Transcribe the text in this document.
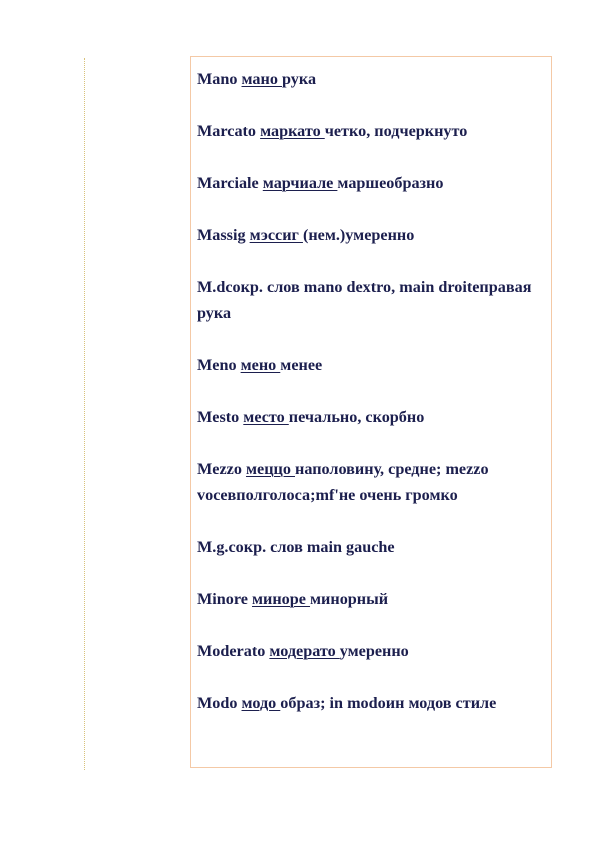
Mano мано рука

Marcato маркато четко, подчеркнуто

Marciale марчиале маршеобразно

Massig мэссиг (нем.)умеренно

M.dcокр. слов mano dextro, main droiteправая рука

Meno мено менее

Mesto место печально, скорбно

Mezzo меццо наполовину, средне; mezzo voceвполголоса;mf'не очень громко

M.g.сокр. слов main gauche

Minore миноре минорный

Moderato модерато умеренно

Modo модо образ; in modoин модов стиле
